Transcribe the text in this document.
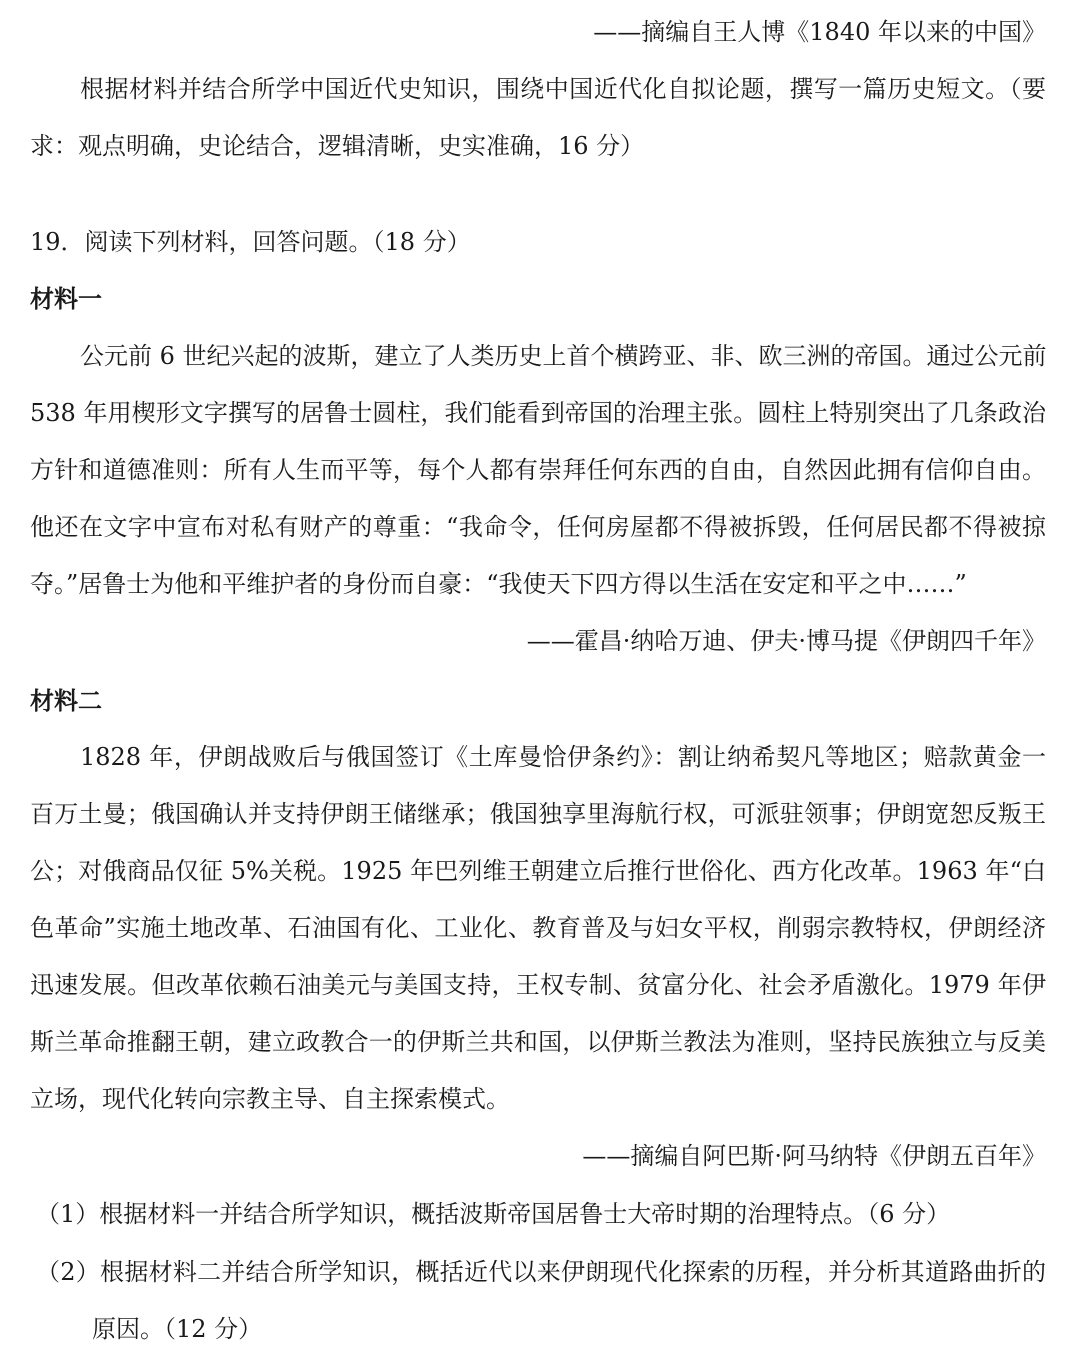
——摘编自王人博《1840 年以来的中国》
根据材料并结合所学中国近代史知识，围绕中国近代化自拟论题，撰写一篇历史短文。（要
求：观点明确，史论结合，逻辑清晰，史实准确，16 分）
19．阅读下列材料，回答问题。（18 分）
材料一
公元前 6 世纪兴起的波斯，建立了人类历史上首个横跨亚、非、欧三洲的帝国。通过公元前
538 年用楔形文字撰写的居鲁士圆柱，我们能看到帝国的治理主张。圆柱上特别突出了几条政治
方针和道德准则：所有人生而平等，每个人都有崇拜任何东西的自由，自然因此拥有信仰自由。
他还在文字中宣布对私有财产的尊重：“我命令，任何房屋都不得被拆毁，任何居民都不得被掠
夺。”居鲁士为他和平维护者的身份而自豪：“我使天下四方得以生活在安定和平之中……”
——霍昌·纳哈万迪、伊夫·博马提《伊朗四千年》
材料二
1828 年，伊朗战败后与俄国签订《土库曼恰伊条约》：割让纳希契凡等地区；赔款黄金一
百万土曼；俄国确认并支持伊朗王储继承；俄国独享里海航行权，可派驻领事；伊朗宽恕反叛王
公；对俄商品仅征 5%关税。1925 年巴列维王朝建立后推行世俗化、西方化改革。1963 年“白
色革命”实施土地改革、石油国有化、工业化、教育普及与妇女平权，削弱宗教特权，伊朗经济
迅速发展。但改革依赖石油美元与美国支持，王权专制、贫富分化、社会矛盾激化。1979 年伊
斯兰革命推翻王朝，建立政教合一的伊斯兰共和国，以伊斯兰教法为准则，坚持民族独立与反美
立场，现代化转向宗教主导、自主探索模式。
——摘编自阿巴斯·阿马纳特《伊朗五百年》
（1）根据材料一并结合所学知识，概括波斯帝国居鲁士大帝时期的治理特点。（6 分）
（2）根据材料二并结合所学知识，概括近代以来伊朗现代化探索的历程，并分析其道路曲折的
原因。（12 分）
